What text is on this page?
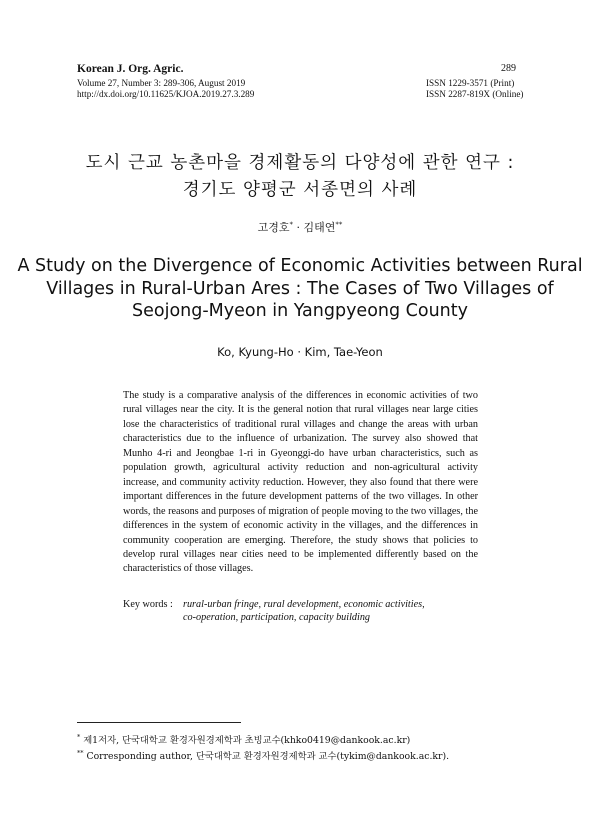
Korean J. Org. Agric.
Volume 27, Number 3: 289-306, August 2019
http://dx.doi.org/10.11625/KJOA.2019.27.3.289
289
ISSN 1229-3571 (Print)
ISSN 2287-819X (Online)
도시 근교 농촌마을 경제활동의 다양성에 관한 연구 :
경기도 양평군 서종면의 사례
고경호* · 김태연**
A Study on the Divergence of Economic Activities between Rural
Villages in Rural-Urban Ares : The Cases of Two Villages of
Seojong-Myeon in Yangpyeong County
Ko, Kyung-Ho · Kim, Tae-Yeon

The study is a comparative analysis of the differences in economic activities of two rural villages near the city. It is the general notion that rural villages near large cities lose the characteristics of traditional rural villages and change the areas with urban characteristics due to the influence of urbanization. The survey also showed that Munho 4-ri and Jeongbae 1-ri in Gyeonggi-do have urban characteristics, such as population growth, agricultural activity reduction and non-agricultural activity increase, and community activity reduction. However, they also found that there were important differences in the future development patterns of the two villages. In other words, the reasons and purposes of migration of people moving to the two villages, the differences in the system of economic activity in the villages, and the differences in community cooperation are emerging. Therefore, the study shows that policies to develop rural villages near cities need to be implemented differently based on the characteristics of those villages.

Key words : rural-urban fringe, rural development, economic activities,
co-operation, participation, capacity building
* 제1저자, 단국대학교 환경자원경제학과 초빙교수(khko0419@dankook.ac.kr)
** Corresponding author, 단국대학교 환경자원경제학과 교수(tykim@dankook.ac.kr).
